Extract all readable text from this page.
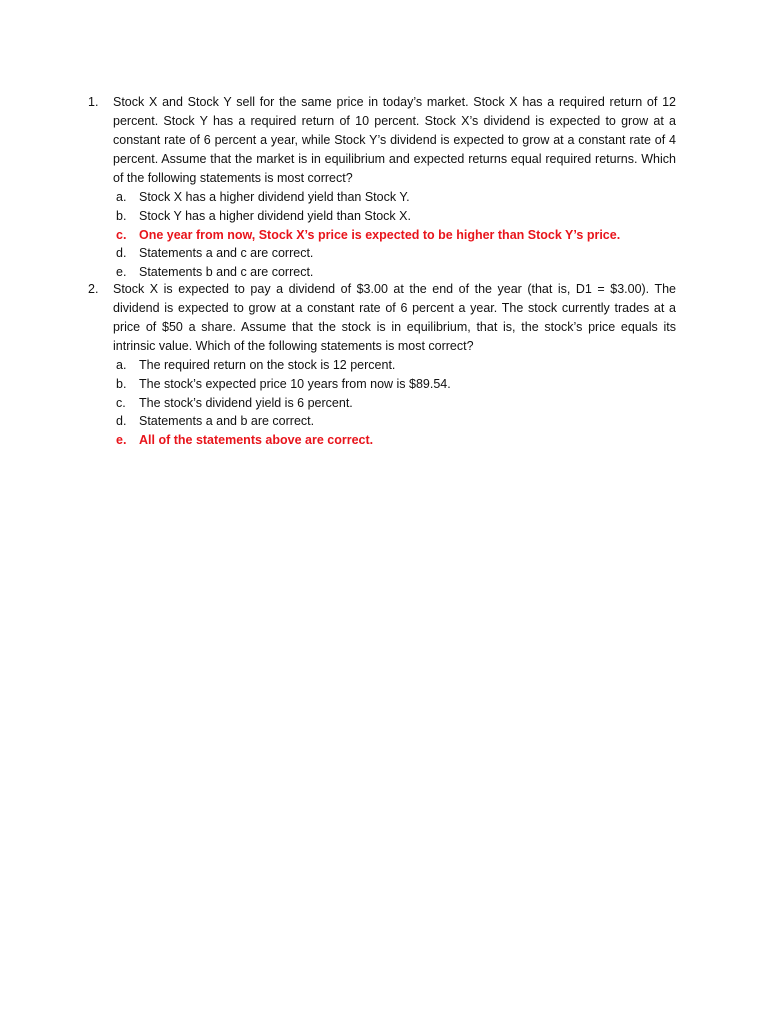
1.	Stock X and Stock Y sell for the same price in today’s market. Stock X has a required return of 12 percent. Stock Y has a required return of 10 percent. Stock X’s dividend is expected to grow at a constant rate of 6 percent a year, while Stock Y’s dividend is expected to grow at a constant rate of 4 percent. Assume that the market is in equilibrium and expected returns equal required returns. Which of the following statements is most correct?
a. Stock X has a higher dividend yield than Stock Y.
b. Stock Y has a higher dividend yield than Stock X.
c. One year from now, Stock X’s price is expected to be higher than Stock Y’s price.
d. Statements a and c are correct.
e. Statements b and c are correct.
2.	Stock X is expected to pay a dividend of $3.00 at the end of the year (that is, D1 = $3.00). The dividend is expected to grow at a constant rate of 6 percent a year. The stock currently trades at a price of $50 a share. Assume that the stock is in equilibrium, that is, the stock’s price equals its intrinsic value. Which of the following statements is most correct?
a. The required return on the stock is 12 percent.
b. The stock’s expected price 10 years from now is $89.54.
c. The stock’s dividend yield is 6 percent.
d. Statements a and b are correct.
e. All of the statements above are correct.
